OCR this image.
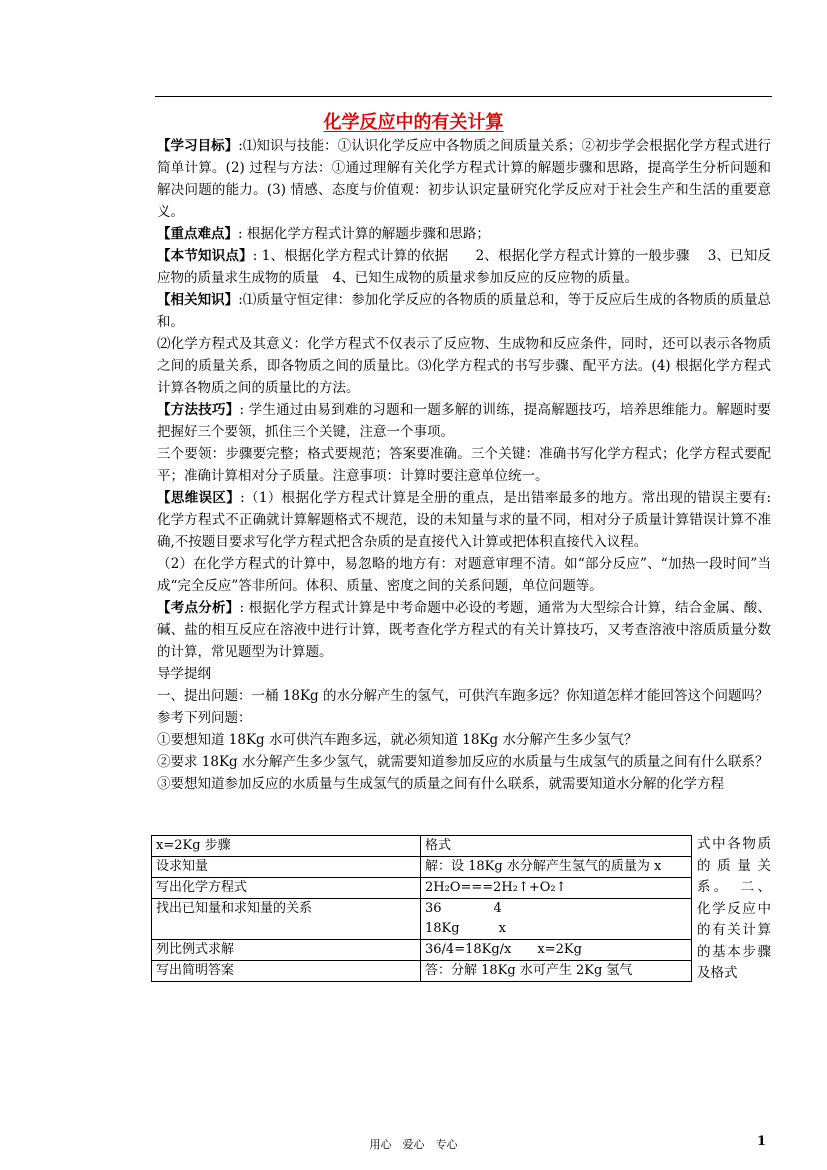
化学反应中的有关计算

【学习目标】:⑴知识与技能：①认识化学反应中各物质之间质量关系；②初步学会根据化学方程式进行简单计算。(2) 过程与方法：①通过理解有关化学方程式计算的解题步骤和思路，提高学生分析问题和解决问题的能力。(3) 情感、态度与价值观：初步认识定量研究化学反应对于社会生产和生活的重要意义。

【重点难点】: 根据化学方程式计算的解题步骤和思路；

【本节知识点】: 1、根据化学方程式计算的依据　　2、根据化学方程式计算的一般步骤　 3、已知反应物的质量求生成物的质量　4、已知生成物的质量求参加反应的反应物的质量。

【相关知识】:⑴质量守恒定律：参加化学反应的各物质的质量总和，等于反应后生成的各物质的质量总和。

⑵化学方程式及其意义：化学方程式不仅表示了反应物、生成物和反应条件，同时，还可以表示各物质之间的质量关系，即各物质之间的质量比。⑶化学方程式的书写步骤、配平方法。(4) 根据化学方程式计算各物质之间的质量比的方法。

【方法技巧】: 学生通过由易到难的习题和一题多解的训练，提高解题技巧，培养思维能力。解题时要把握好三个要领，抓住三个关键，注意一个事项。

三个要领：步骤要完整；格式要规范；答案要准确。三个关键：准确书写化学方程式；化学方程式要配平；准确计算相对分子质量。注意事项：计算时要注意单位统一。

【思维误区】:（1）根据化学方程式计算是全册的重点，是出错率最多的地方。常出现的错误主要有: 化学方程式不正确就计算解题格式不规范，设的未知量与求的量不同，相对分子质量计算错误计算不准确,不按题目要求写化学方程式把含杂质的是直接代入计算或把体积直接代入议程。

（2）在化学方程式的计算中，易忽略的地方有：对题意审理不清。如“部分反应”、“加热一段时间”当成“完全反应”答非所问。体积、质量、密度之间的关系问题，单位问题等。

【考点分析】: 根据化学方程式计算是中考命题中必设的考题，通常为大型综合计算，结合金属、酸、碱、盐的相互反应在溶液中进行计算，既考查化学方程式的有关计算技巧，又考查溶液中溶质质量分数的计算，常见题型为计算题。

导学提纲

一、提出问题：一桶 18Kg 的水分解产生的氢气，可供汽车跑多远？你知道怎样才能回答这个问题吗？

参考下列问题：

①要想知道 18Kg 水可供汽车跑多远，就必须知道 18Kg 水分解产生多少氢气？

②要求 18Kg 水分解产生多少氢气，就需要知道参加反应的水质量与生成氢气的质量之间有什么联系？

③要想知道参加反应的水质量与生成氢气的质量之间有什么联系，就需要知道水分解的化学方程

x=2Kg 步骤	格式
设求知量	解：设 18Kg 水分解产生氢气的质量为 x
写出化学方程式	2H₂O===2H₂↑+O₂↑
找出已知量和求知量的关系	36　　　　4
18Kg　　　x
列比例式求解	36/4=18Kg/x　　x=2Kg
写出简明答案	答：分解 18Kg 水可产生 2Kg 氢气
式中各物质的质量关系。　二、化学反应中的有关计算的基本步骤及格式
用心　爱心　专心	1
